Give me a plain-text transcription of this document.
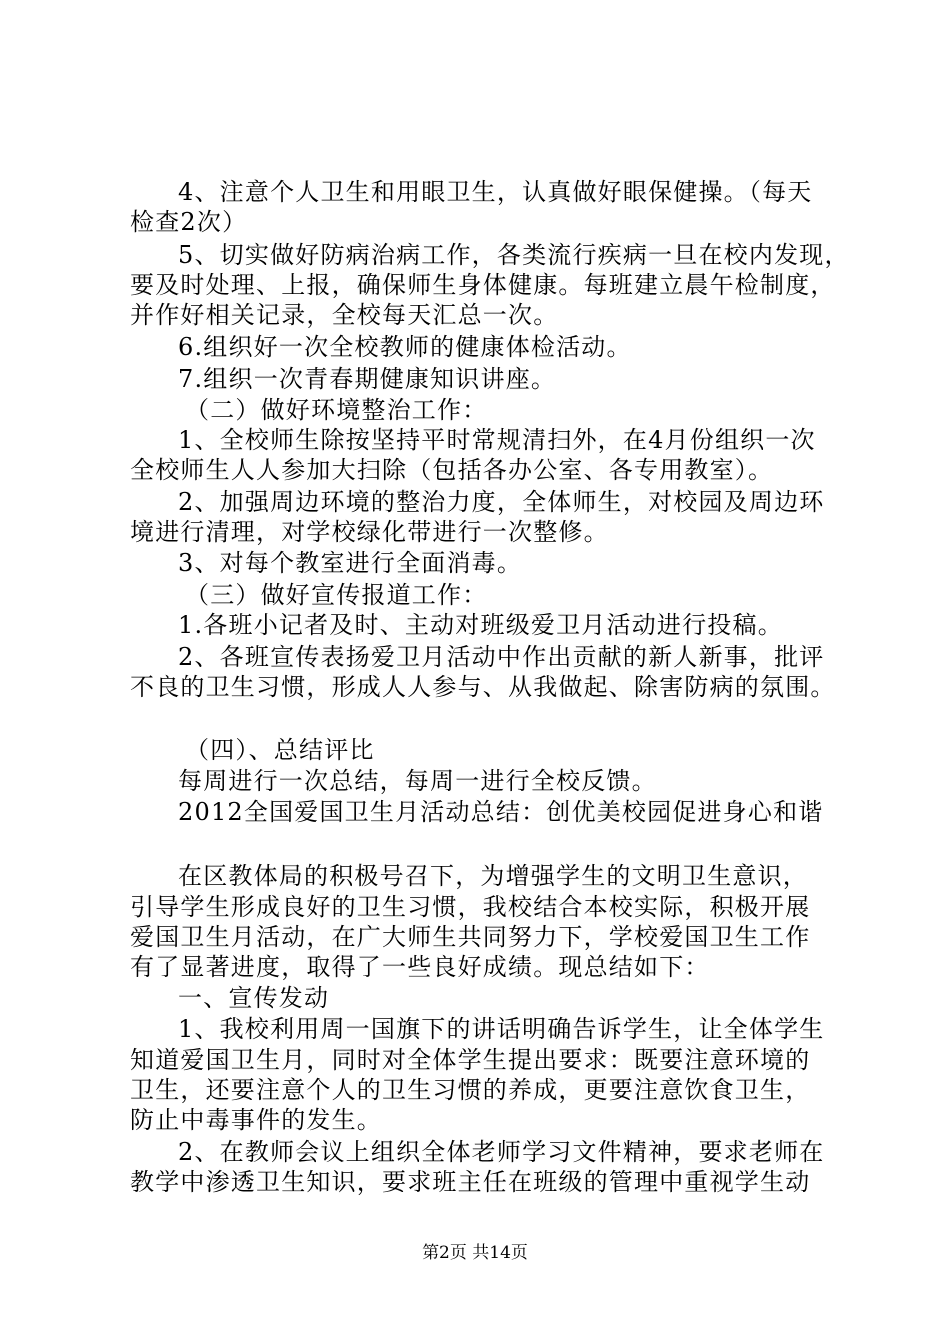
4、注意个人卫生和用眼卫生，认真做好眼保健操。（每天
检查2次）
5、切实做好防病治病工作，各类流行疾病一旦在校内发现，
要及时处理、上报，确保师生身体健康。每班建立晨午检制度，
并作好相关记录，全校每天汇总一次。
6.组织好一次全校教师的健康体检活动。
7.组织一次青春期健康知识讲座。
（二）做好环境整治工作：
1、全校师生除按坚持平时常规清扫外，在4月份组织一次
全校师生人人参加大扫除（包括各办公室、各专用教室）。
2、加强周边环境的整治力度，全体师生，对校园及周边环
境进行清理，对学校绿化带进行一次整修。
3、对每个教室进行全面消毒。
（三）做好宣传报道工作：
1.各班小记者及时、主动对班级爱卫月活动进行投稿。
2、各班宣传表扬爱卫月活动中作出贡献的新人新事，批评
不良的卫生习惯，形成人人参与、从我做起、除害防病的氛围。
（四）、总结评比
每周进行一次总结，每周一进行全校反馈。
2012全国爱国卫生月活动总结：创优美校园促进身心和谐
在区教体局的积极号召下，为增强学生的文明卫生意识，
引导学生形成良好的卫生习惯，我校结合本校实际，积极开展
爱国卫生月活动，在广大师生共同努力下，学校爱国卫生工作
有了显著进度，取得了一些良好成绩。现总结如下：
一、宣传发动
1、我校利用周一国旗下的讲话明确告诉学生，让全体学生
知道爱国卫生月，同时对全体学生提出要求：既要注意环境的
卫生，还要注意个人的卫生习惯的养成，更要注意饮食卫生，
防止中毒事件的发生。
2、在教师会议上组织全体老师学习文件精神，要求老师在
教学中渗透卫生知识，要求班主任在班级的管理中重视学生动
第2页 共14页
